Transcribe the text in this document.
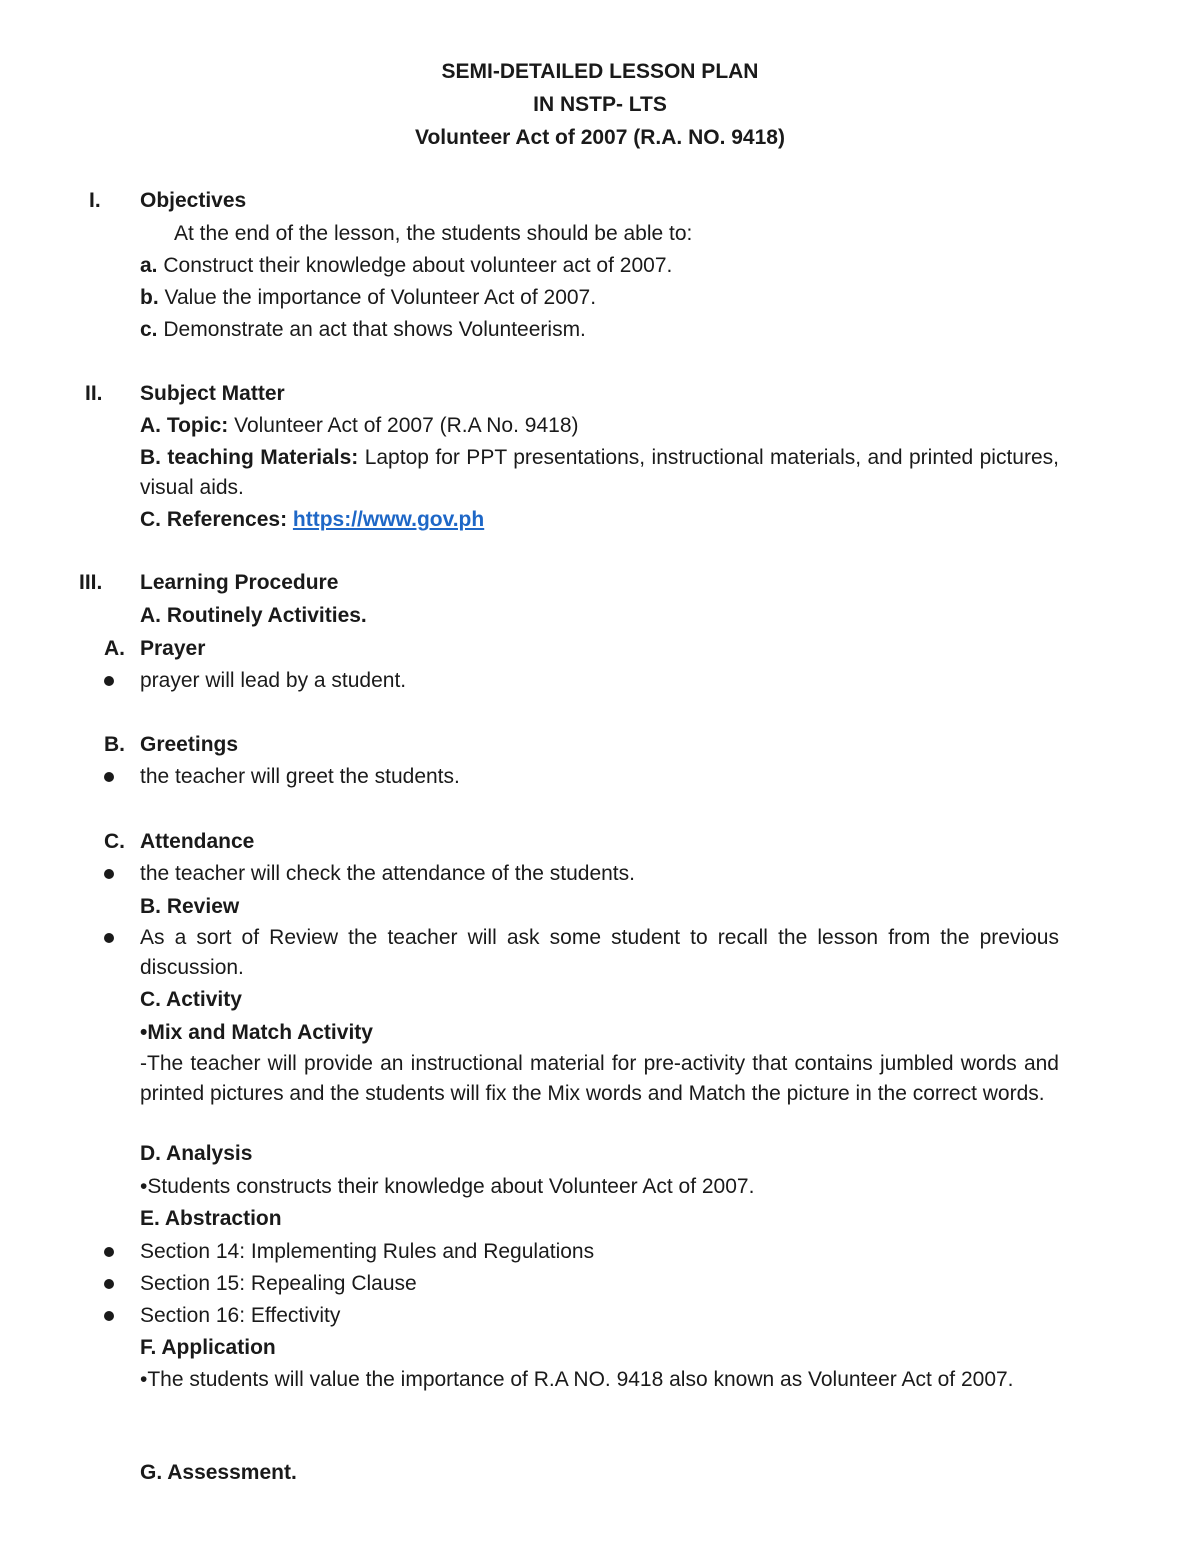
SEMI-DETAILED LESSON PLAN
IN NSTP- LTS
Volunteer Act of 2007 (R.A. NO. 9418)
I. Objectives
At the end of the lesson, the students should be able to:
a. Construct their knowledge about volunteer act of 2007.
b. Value the importance of Volunteer Act of 2007.
c. Demonstrate an act that shows Volunteerism.
II. Subject Matter
A. Topic: Volunteer Act of 2007 (R.A No. 9418)
B. teaching Materials: Laptop for PPT presentations, instructional materials, and printed pictures, visual aids.
C. References: https://www.gov.ph
III. Learning Procedure
A. Routinely Activities.
A. Prayer
prayer will lead by a student.
B. Greetings
the teacher will greet the students.
C. Attendance
the teacher will check the attendance of the students.
B. Review
As a sort of Review the teacher will ask some student to recall the lesson from the previous discussion.
C. Activity
•Mix and Match Activity
-The teacher will provide an instructional material for pre-activity that contains jumbled words and printed pictures and the students will fix the Mix words and Match the picture in the correct words.
D. Analysis
•Students constructs their knowledge about Volunteer Act of 2007.
E. Abstraction
Section 14: Implementing Rules and Regulations
Section 15: Repealing Clause
Section 16: Effectivity
F. Application
•The students will value the importance of R.A NO. 9418 also known as Volunteer Act of 2007.
G. Assessment.
